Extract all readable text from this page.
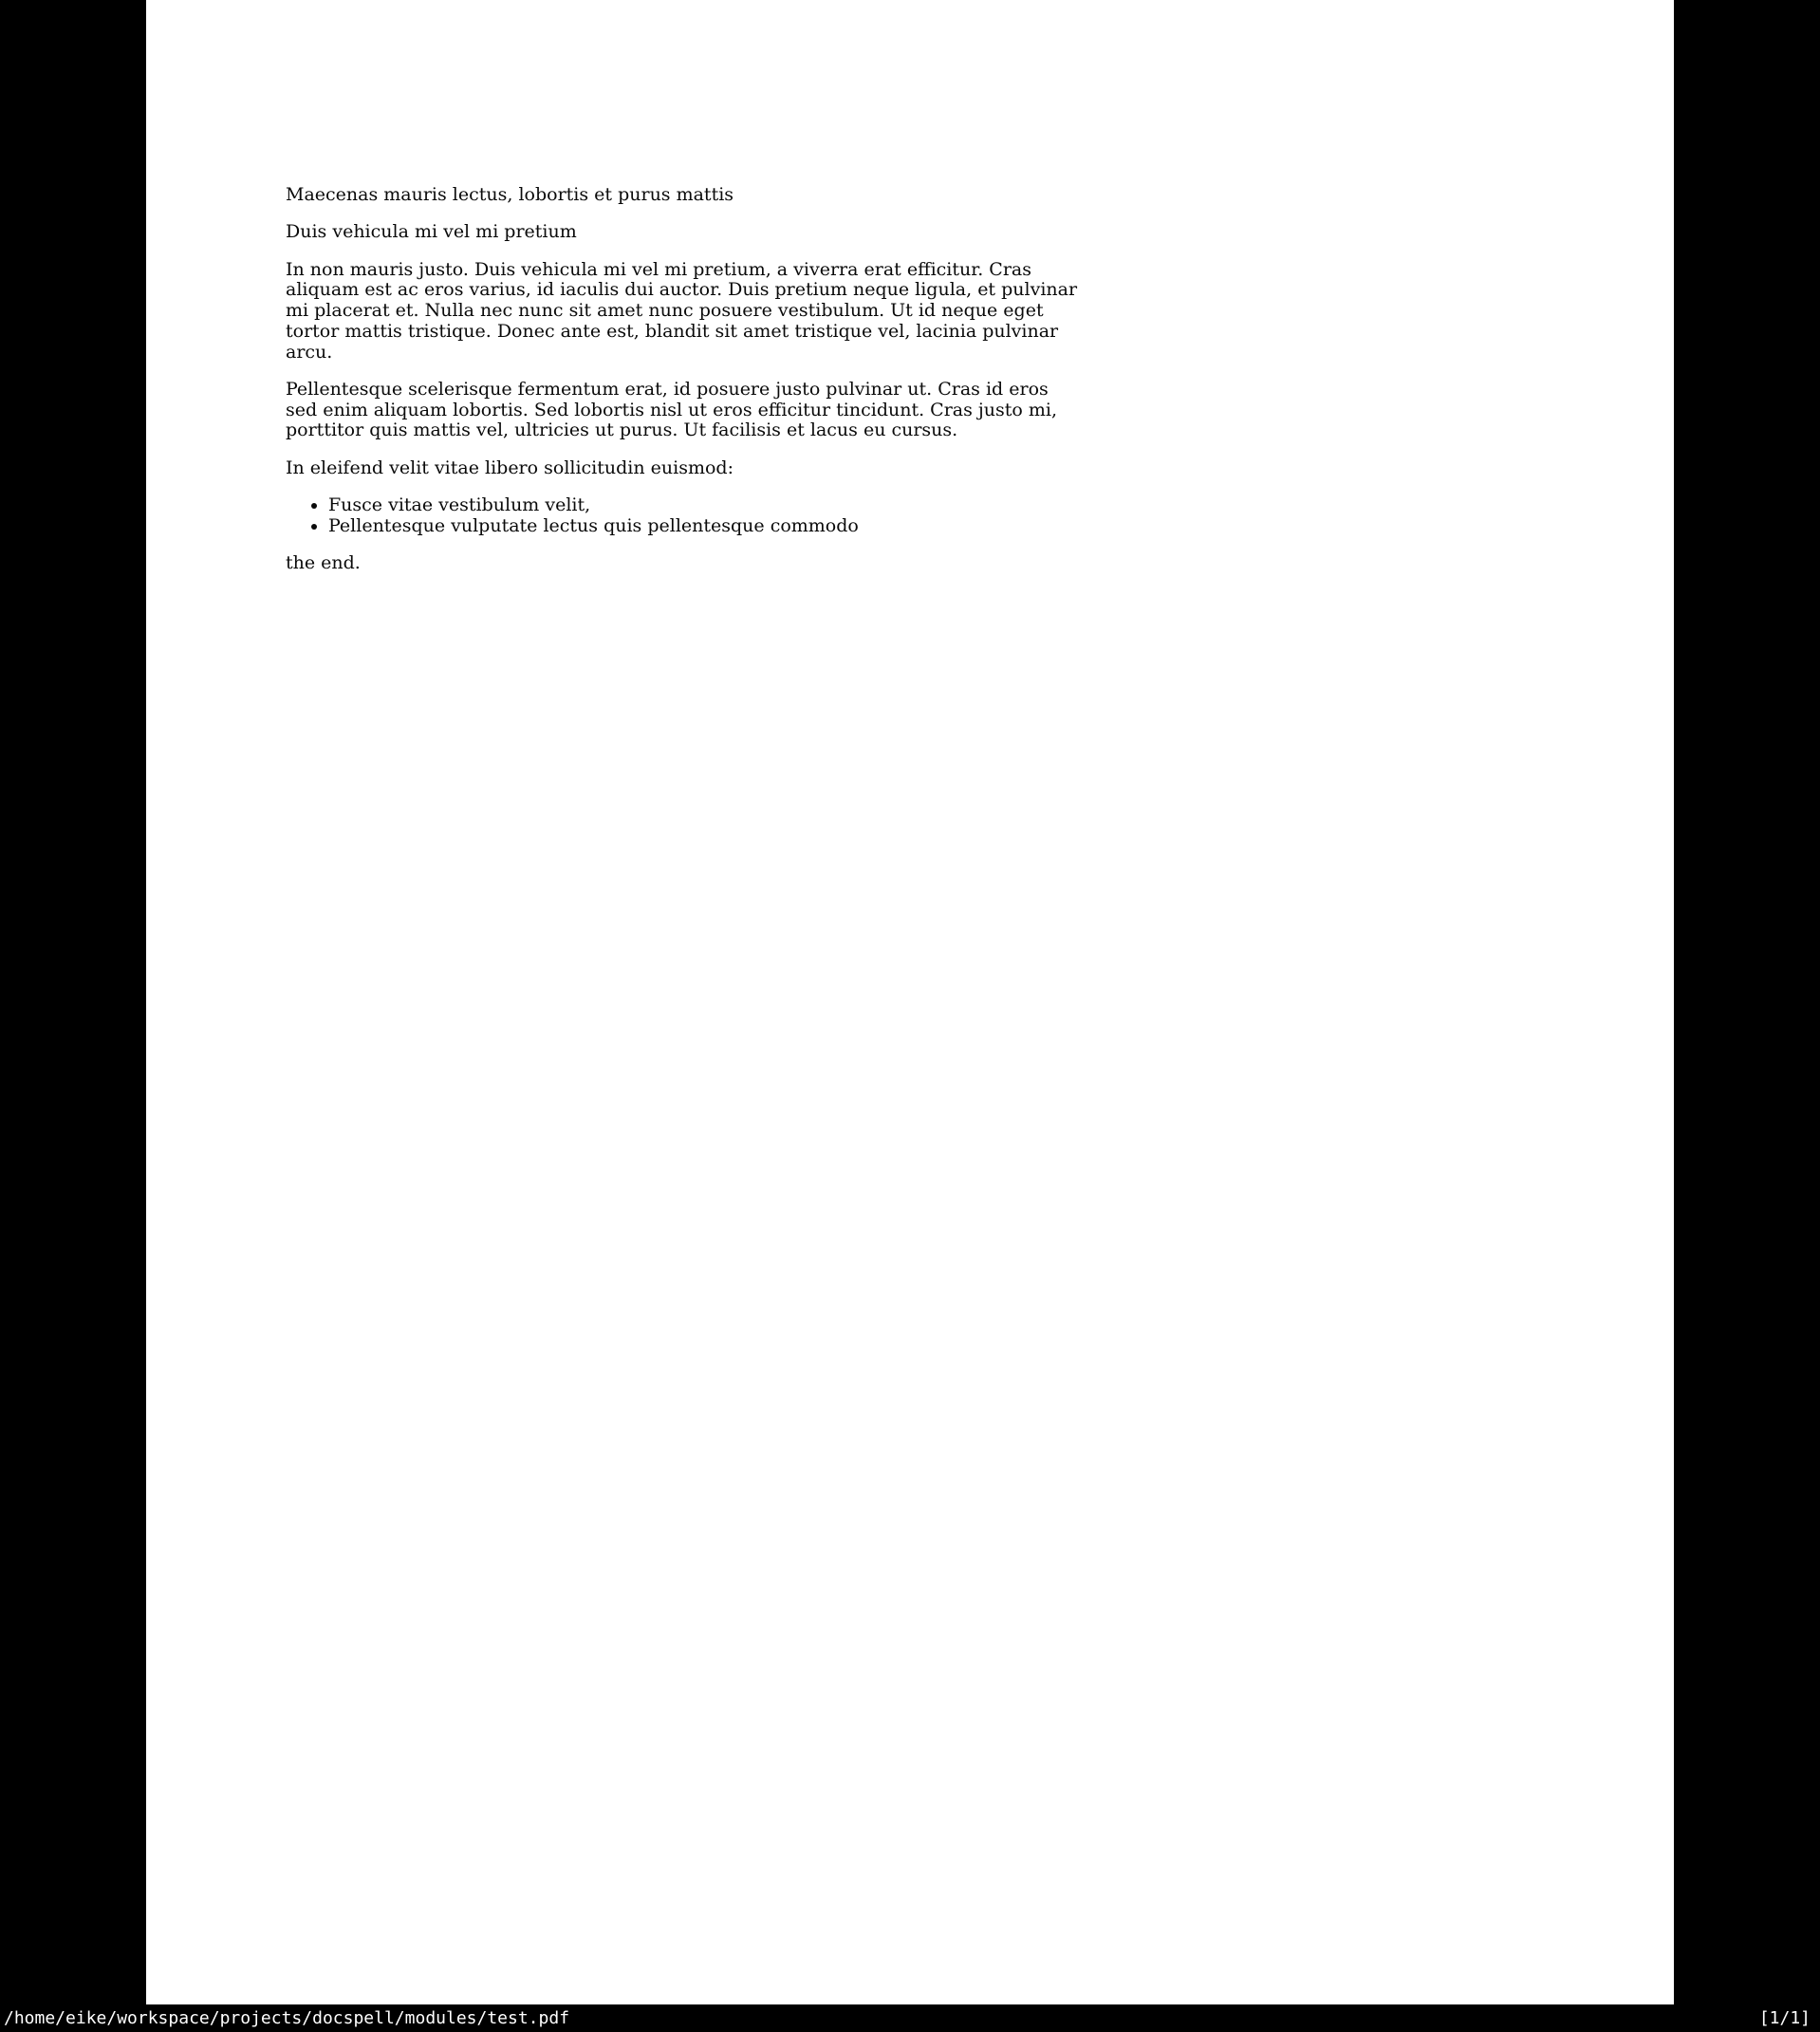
Maecenas mauris lectus, lobortis et purus mattis
Duis vehicula mi vel mi pretium
In non mauris justo. Duis vehicula mi vel mi pretium, a viverra erat efficitur. Cras
aliquam est ac eros varius, id iaculis dui auctor. Duis pretium neque ligula, et pulvinar
mi placerat et. Nulla nec nunc sit amet nunc posuere vestibulum. Ut id neque eget
tortor mattis tristique. Donec ante est, blandit sit amet tristique vel, lacinia pulvinar
arcu.
Pellentesque scelerisque fermentum erat, id posuere justo pulvinar ut. Cras id eros
sed enim aliquam lobortis. Sed lobortis nisl ut eros efficitur tincidunt. Cras justo mi,
porttitor quis mattis vel, ultricies ut purus. Ut facilisis et lacus eu cursus.
In eleifend velit vitae libero sollicitudin euismod:
• Fusce vitae vestibulum velit,
• Pellentesque vulputate lectus quis pellentesque commodo
the end.
/home/eike/workspace/projects/docspell/modules/test.pdf	[1/1]
